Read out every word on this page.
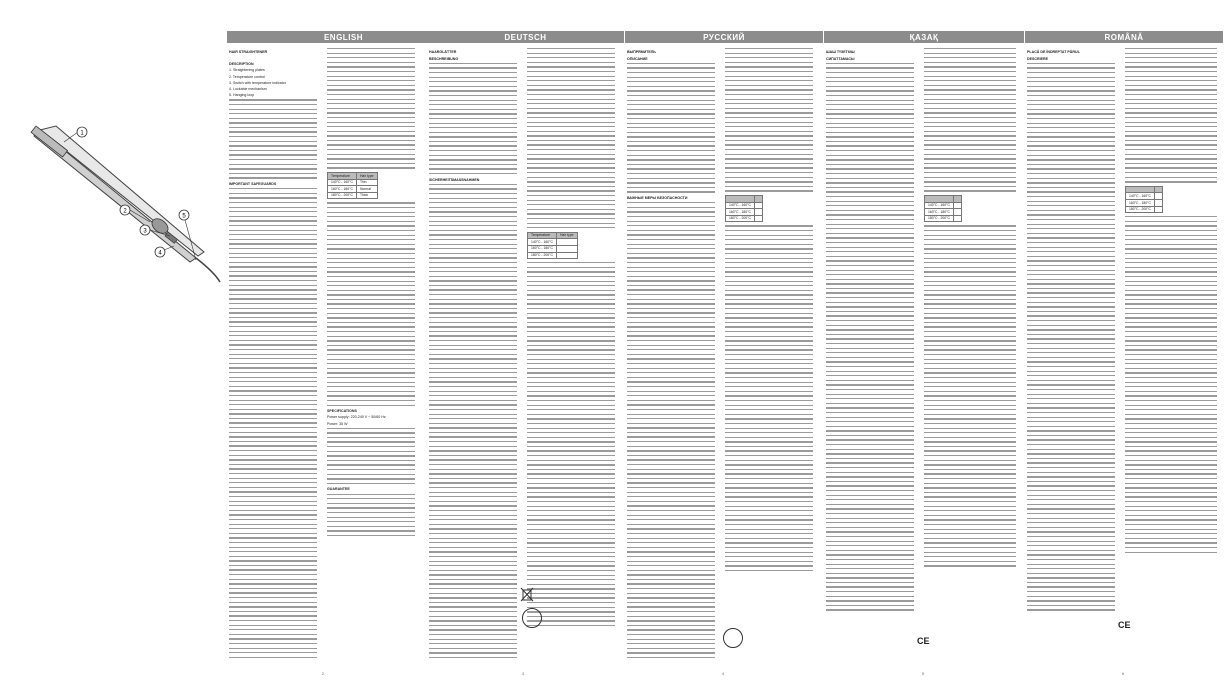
ENGLISH	DEUTSCH	РУССКИЙ	ҚАЗАҚ	ROMÂNĂ

HAIR STRAIGHTENER

DESCRIPTION

1. Straightening plates

2. Temperature control

3. Switch with temperature indicator

4. Lockable mechanism

5. Hanging loop

IMPORTANT SAFEGUARDS

Temperature	Hair type
140°C - 160°C	Thin
160°C - 180°C	Normal
180°C - 200°C	Thick

SPECIFICATIONS

Power supply: 220-240 V ~ 50/60 Hz

Power: 35 W

GUARANTEE

1
2
3
4
5

HAARGLÄTTER

BESCHREIBUNG

SICHERHEITSMASSNAHMEN

Temperature	Hair type
140°C - 160°C	
160°C - 180°C	
180°C - 200°C	

ВЫПРЯМИТЕЛЬ

ОПИСАНИЕ

ВАЖНЫЕ МЕРЫ БЕЗОПАСНОСТИ

140°C - 160°C	
160°C - 180°C	
180°C - 200°C	

ШАШ ТҮЗЕТКІШ

СИПАТТАМАСЫ

140°C - 160°C	
160°C - 180°C	
180°C - 200°C	

PLACĂ DE ÎNDREPTAT PĂRUL

DESCRIERE

140°C - 160°C	
160°C - 180°C	
180°C - 200°C	
CE
CE
2	3	4	5	6
